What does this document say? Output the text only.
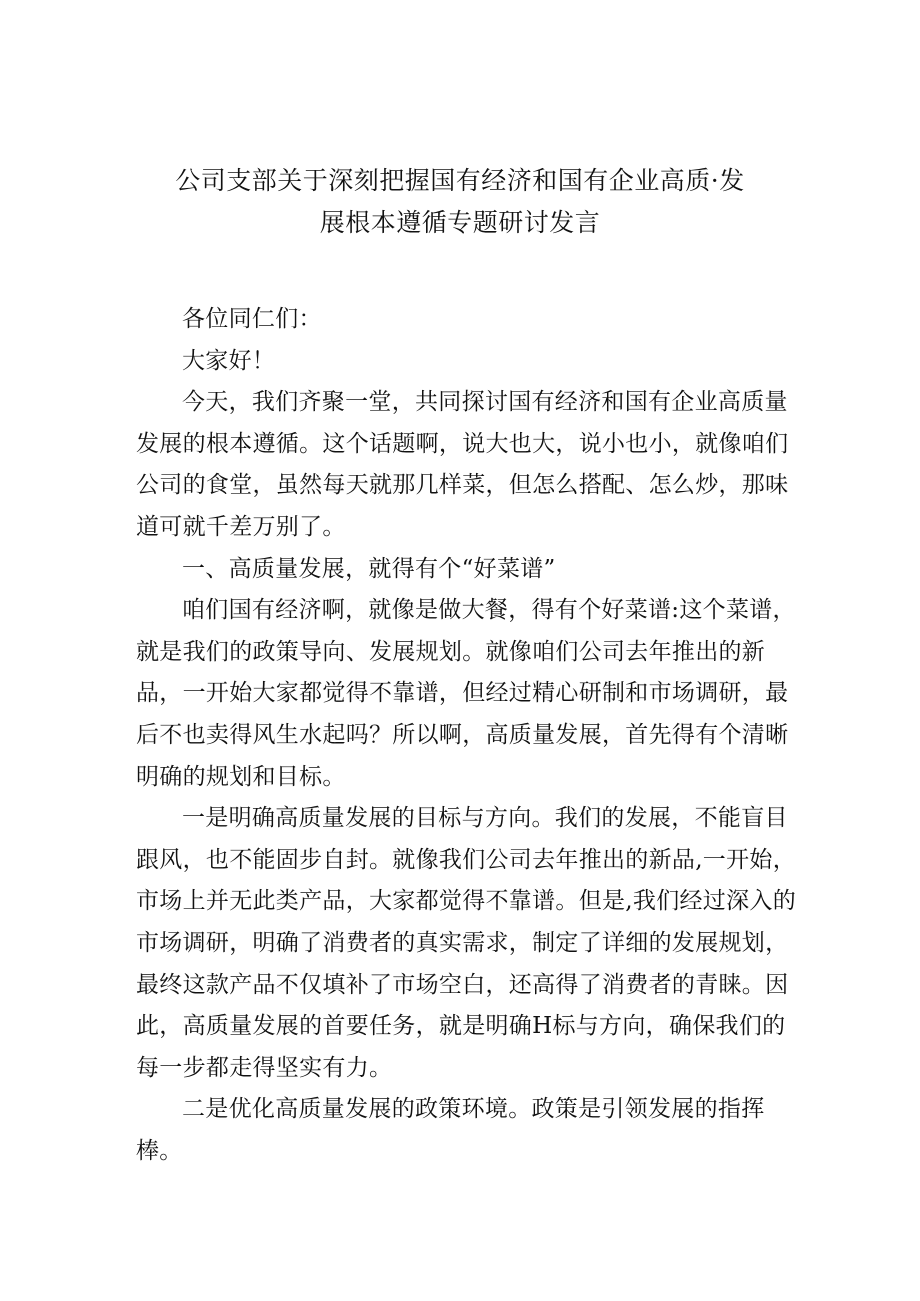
公司支部关于深刻把握国有经济和国有企业高质·发
展根本遵循专题研讨发言

各位同仁们：

大家好！

今天，我们齐聚一堂，共同探讨国有经济和国有企业高质量发展的根本遵循。这个话题啊，说大也大，说小也小，就像咱们公司的食堂，虽然每天就那几样菜，但怎么搭配、怎么炒，那味道可就千差万别了。

一、高质量发展，就得有个“好菜谱”

咱们国有经济啊，就像是做大餐，得有个好菜谱:这个菜谱，就是我们的政策导向、发展规划。就像咱们公司去年推出的新品，一开始大家都觉得不靠谱，但经过精心研制和市场调研，最后不也卖得风生水起吗？所以啊，高质量发展，首先得有个清晰明确的规划和目标。

一是明确高质量发展的目标与方向。我们的发展，不能盲目跟风，也不能固步自封。就像我们公司去年推出的新品,一开始，市场上并无此类产品，大家都觉得不靠谱。但是,我们经过深入的市场调研，明确了消费者的真实需求，制定了详细的发展规划，最终这款产品不仅填补了市场空白，还高得了消费者的青睐。因此，高质量发展的首要任务，就是明确H标与方向，确保我们的每一步都走得坚实有力。

二是优化高质量发展的政策环境。政策是引领发展的指挥棒。
